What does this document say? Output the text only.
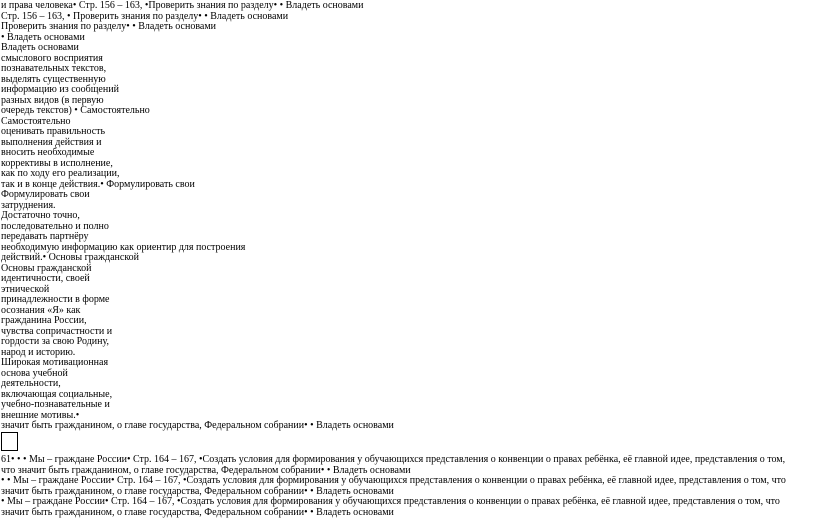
и права человека• Стр. 156 – 163, •Проверить знания по разделу• • Владеть основами
Стр. 156 – 163, • Проверить знания по разделу• • Владеть основами
Проверить знания по разделу• • Владеть основами
• Владеть основами
Владеть основами
смыслового восприятия
познавательных текстов,
выделять существенную
информацию из сообщений
разных видов (в первую
очередь текстов) • Самостоятельно
Самостоятельно
оценивать правильность
выполнения действия и
вносить необходимые
коррективы в исполнение,
как по ходу его реализации,
так и в конце действия.• Формулировать свои
Формулировать свои
затруднения.
Достаточно точно,
последовательно и полно
передавать партнёру
необходимую информацию как ориентир для построения
действий.• Основы гражданской
Основы гражданской
идентичности, своей
этнической
принадлежности в форме
осознания «Я» как
гражданина России,
чувства сопричастности и
гордости за свою Родину,
народ и историю.
Широкая мотивационная
основа учебной
деятельности,
включающая социальные,
учебно-познавательные и
внешние мотивы.•
значит быть гражданином, о главе государства, Федеральном собрании• • Владеть основами
61• • • Мы – граждане России• Стр. 164 – 167, •Создать условия для формирования у обучающихся представления о конвенции о правах ребёнка, её главной идее, представления о том, что значит быть гражданином, о главе государства, Федеральном собрании• • Владеть основами
• • Мы – граждане России• Стр. 164 – 167, •Создать условия для формирования у обучающихся представления о конвенции о правах ребёнка, её главной идее, представления о том, что значит быть гражданином, о главе государства, Федеральном собрании• • Владеть основами
• Мы – граждане России• Стр. 164 – 167, •Создать условия для формирования у обучающихся представления о конвенции о правах ребёнка, её главной идее, представления о том, что значит быть гражданином, о главе государства, Федеральном собрании• • Владеть основами
